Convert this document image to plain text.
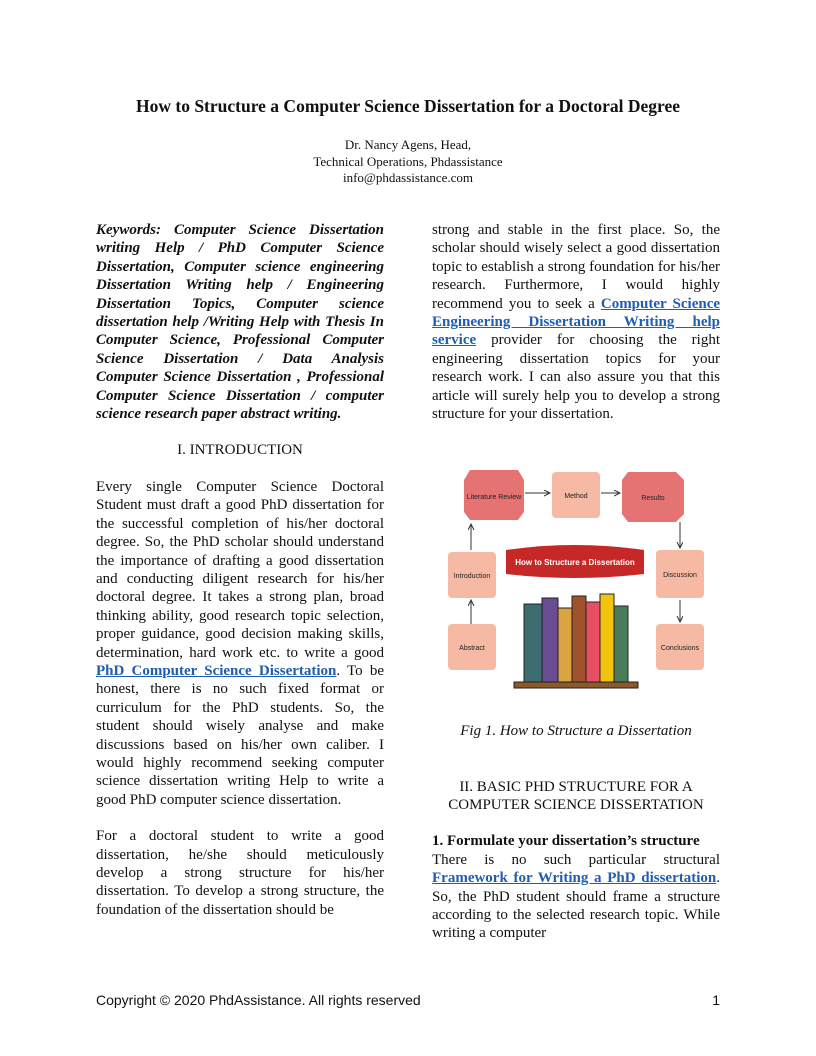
How to Structure a Computer Science Dissertation for a Doctoral Degree
Dr. Nancy Agens, Head,
Technical Operations, Phdassistance
info@phdassistance.com

Keywords: Computer Science Dissertation writing Help / PhD Computer Science Dissertation, Computer science engineering Dissertation Writing help / Engineering Dissertation Topics, Computer science dissertation help /Writing Help with Thesis In Computer Science, Professional Computer Science Dissertation / Data Analysis Computer Science Dissertation , Professional Computer Science Dissertation / computer science research paper abstract writing.

I. INTRODUCTION

Every single Computer Science Doctoral Student must draft a good PhD dissertation for the successful completion of his/her doctoral degree. So, the PhD scholar should understand the importance of drafting a good dissertation and conducting diligent research for his/her doctoral degree. It takes a strong plan, broad thinking ability, good research topic selection, proper guidance, good decision making skills, determination, hard work etc. to write a good PhD Computer Science Dissertation. To be honest, there is no such fixed format or curriculum for the PhD students. So, the student should wisely analyse and make discussions based on his/her own caliber. I would highly recommend seeking computer science dissertation writing Help to write a good PhD computer science dissertation.

For a doctoral student to write a good dissertation, he/she should meticulously develop a strong structure for his/her dissertation. To develop a strong structure, the foundation of the dissertation should be

strong and stable in the first place. So, the scholar should wisely select a good dissertation topic to establish a strong foundation for his/her research. Furthermore, I would highly recommend you to seek a Computer Science Engineering Dissertation Writing help service provider for choosing the right engineering dissertation topics for your research work. I can also assure you that this article will surely help you to develop a strong structure for your dissertation.

Literature Review	Method	Results
Introduction	Discussion
Abstract	Conclusions
How to Structure a Dissertation

Fig 1. How to Structure a Dissertation

II. BASIC PHD STRUCTURE FOR A COMPUTER SCIENCE DISSERTATION

1. Formulate your dissertation’s structure

There is no such particular structural Framework for Writing a PhD dissertation. So, the PhD student should frame a structure according to the selected research topic. While writing a computer

Copyright © 2020 PhdAssistance. All rights reserved	1
